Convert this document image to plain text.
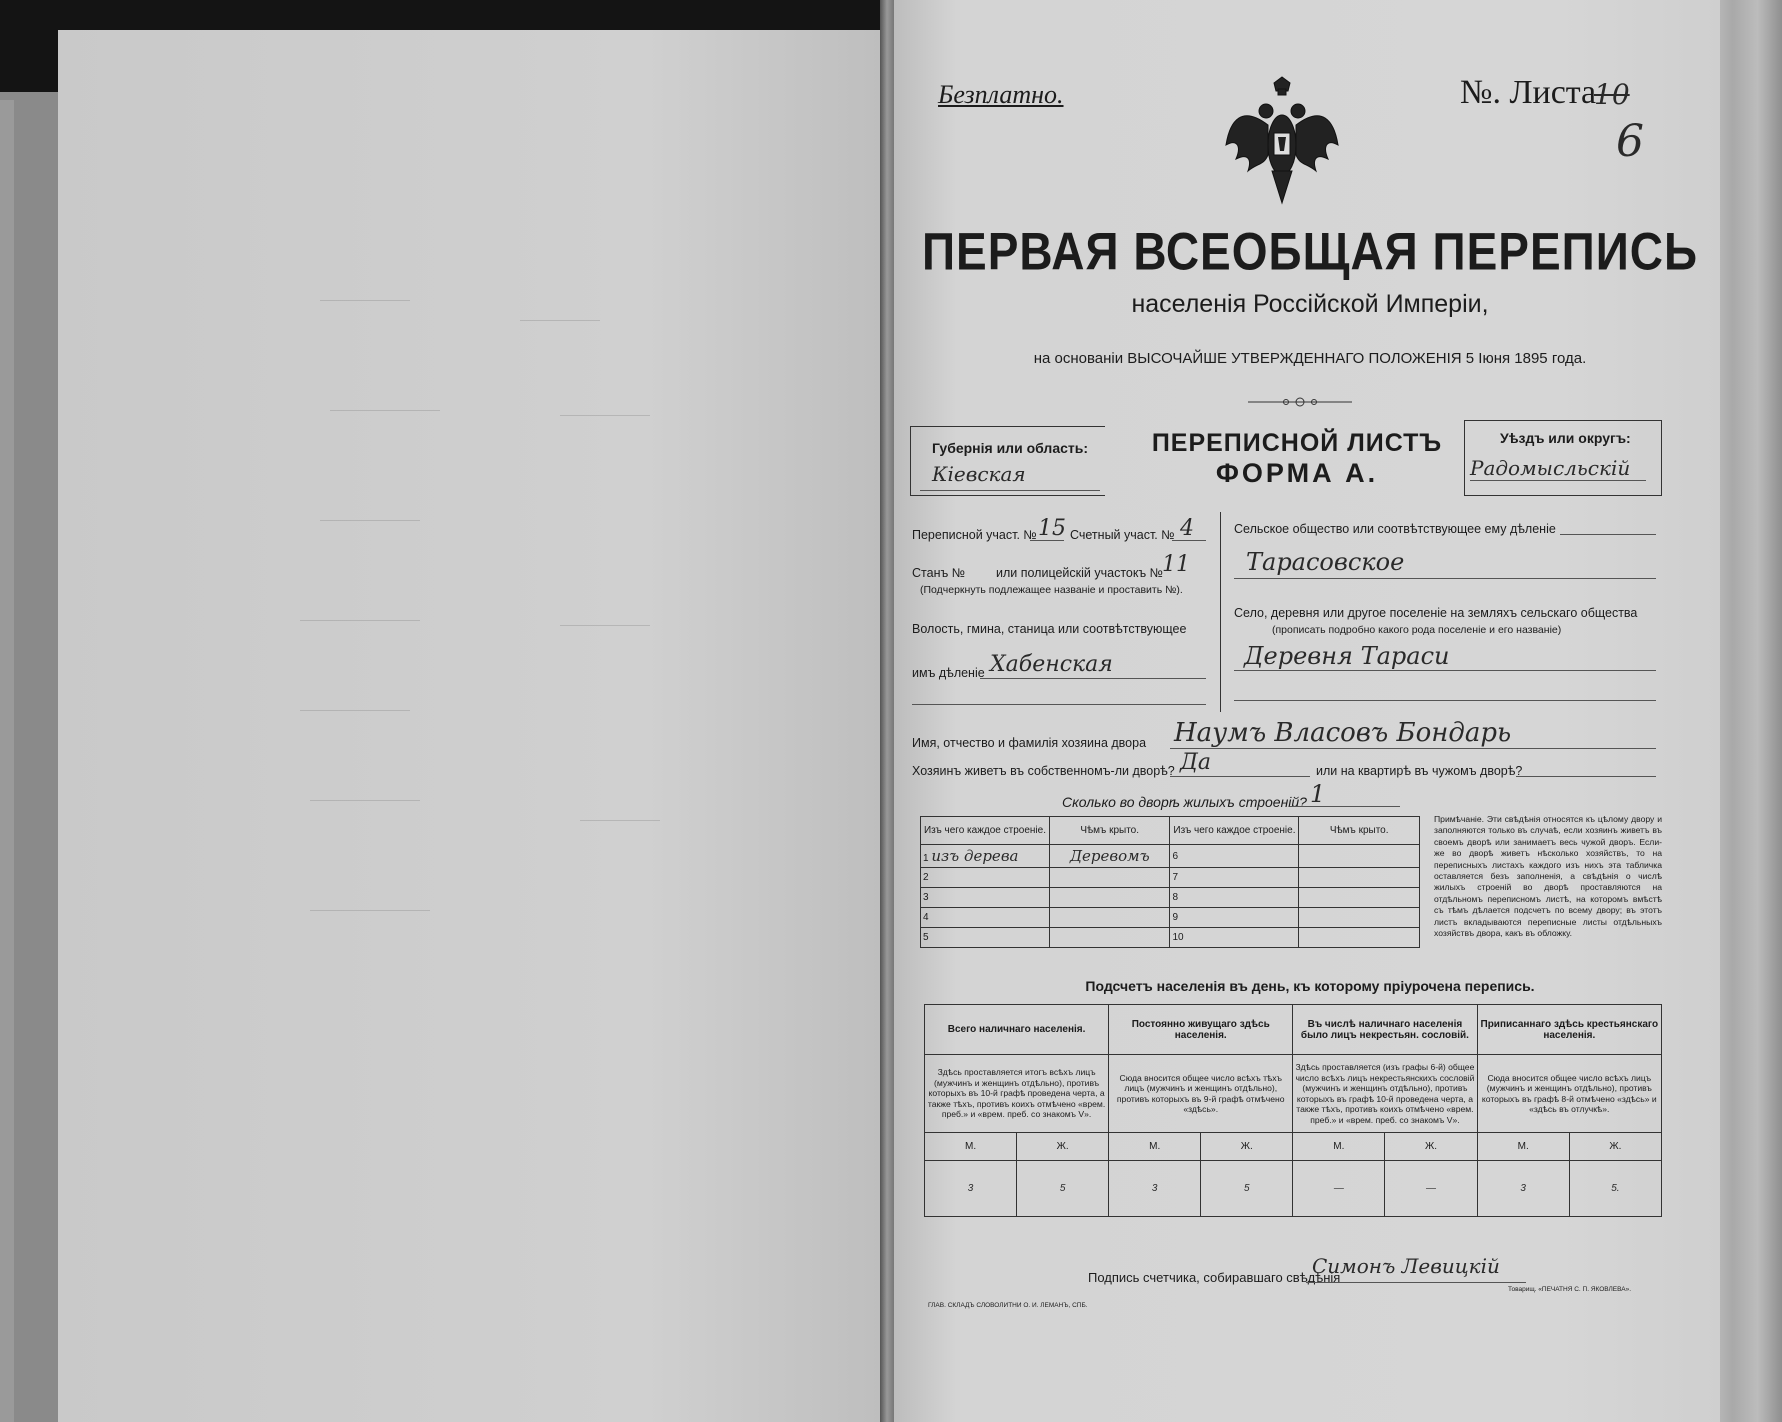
Безплатно.	№. Листа
10
6
ПЕРВАЯ ВСЕОБЩАЯ ПЕРЕПИСЬ
населенія Россійской Имперіи,
на основаніи ВЫСОЧАЙШЕ УТВЕРЖДЕННАГО ПОЛОЖЕНІЯ 5 Іюня 1895 года.
Губернія или область:
Кіевская
ПЕРЕПИСНОЙ ЛИСТЪ
ФОРМА А.
Уѣздъ или округъ:
Радомысльскій
Переписной участ. № 15 Счетный участ. № 4
Станъ № или полицейскій участокъ №
11
(Подчеркнуть подлежащее названіе и проставить №).
Волость, гмина, станица или соотвѣтствующее
имъ дѣленіе Хабенская
Сельское общество или соотвѣтствующее ему дѣленіе
Тарасовское
Село, деревня или другое поселеніе на земляхъ сельскаго общества
(прописать подробно какого рода поселеніе и его названіе)
Деревня Тараси
Имя, отчество и фамилія хозяина двора Наумъ Власовъ Бондарь
Хозяинъ живетъ въ собственномъ-ли дворѣ? Да	или на квартирѣ въ чужомъ дворѣ?
Сколько во дворѣ жилыхъ строеній? 1
Изъ чего каждое строеніе.	Чѣмъ крыто.	Изъ чего каждое строеніе.	Чѣмъ крыто.
1 изъ дерева	Деревомъ	6	
2		7	
3		8	
4		9	
5		10	
Примѣчаніе. Эти свѣдѣнія относятся къ цѣлому двору и заполняются только въ случаѣ, если хозяинъ живетъ въ своемъ дворѣ или занимаетъ весь чужой дворъ. Если-же во дворѣ живетъ нѣсколько хозяйствъ, то на переписныхъ листахъ каждого изъ нихъ эта табличка оставляется безъ заполненія, а свѣдѣнія о числѣ жилыхъ строеній во дворѣ проставляются на отдѣльномъ переписномъ листѣ, на которомъ вмѣстѣ съ тѣмъ дѣлается подсчетъ по всему двору; въ этотъ листъ вкладываются переписные листы отдѣльныхъ хозяйствъ двора, какъ въ обложку.
Подсчетъ населенія въ день, къ которому пріурочена перепись.
Всего наличнаго населенія.		Постоянно живущаго здѣсь населенія.		Въ числѣ наличнаго населенія было лицъ некрестьян. сословій.		Приписаннаго здѣсь крестьянскаго населенія.	
Здѣсь проставляется итогъ всѣхъ лицъ (мужчинъ и женщинъ отдѣльно), противъ которыхъ въ 10-й графѣ проведена черта, а также тѣхъ, противъ коихъ отмѣчено «врем. преб.» и «врем. преб. со знакомъ V».		Сюда вносится общее число всѣхъ тѣхъ лицъ (мужчинъ и женщинъ отдѣльно), противъ которыхъ въ 9-й графѣ отмѣчено «здѣсь».		Здѣсь проставляется (изъ графы 6-й) общее число всѣхъ лицъ некрестьянскихъ сословій (мужчинъ и женщинъ отдѣльно), противъ которыхъ въ графѣ 10-й проведена черта, а также тѣхъ, противъ коихъ отмѣчено «врем. преб.» и «врем. преб. со знакомъ V».		Сюда вносится общее число всѣхъ лицъ (мужчинъ и женщинъ отдѣльно), противъ которыхъ въ графѣ 8-й отмѣчено «здѣсь» и «здѣсь въ отлучкѣ».	
М.	Ж.	М.	Ж.	М.	Ж.	М.	Ж.
3	5	3	5	—	—	3	5.
Подпись счетчика, собиравшаго свѣдѣнія
Симонъ Левицкій
ГЛАВ. СКЛАДЪ СЛОВОЛИТНИ О. И. ЛЕМАНЪ, СПБ.
Товарищ. «ПЕЧАТНЯ С. П. ЯКОВЛЕВА».
